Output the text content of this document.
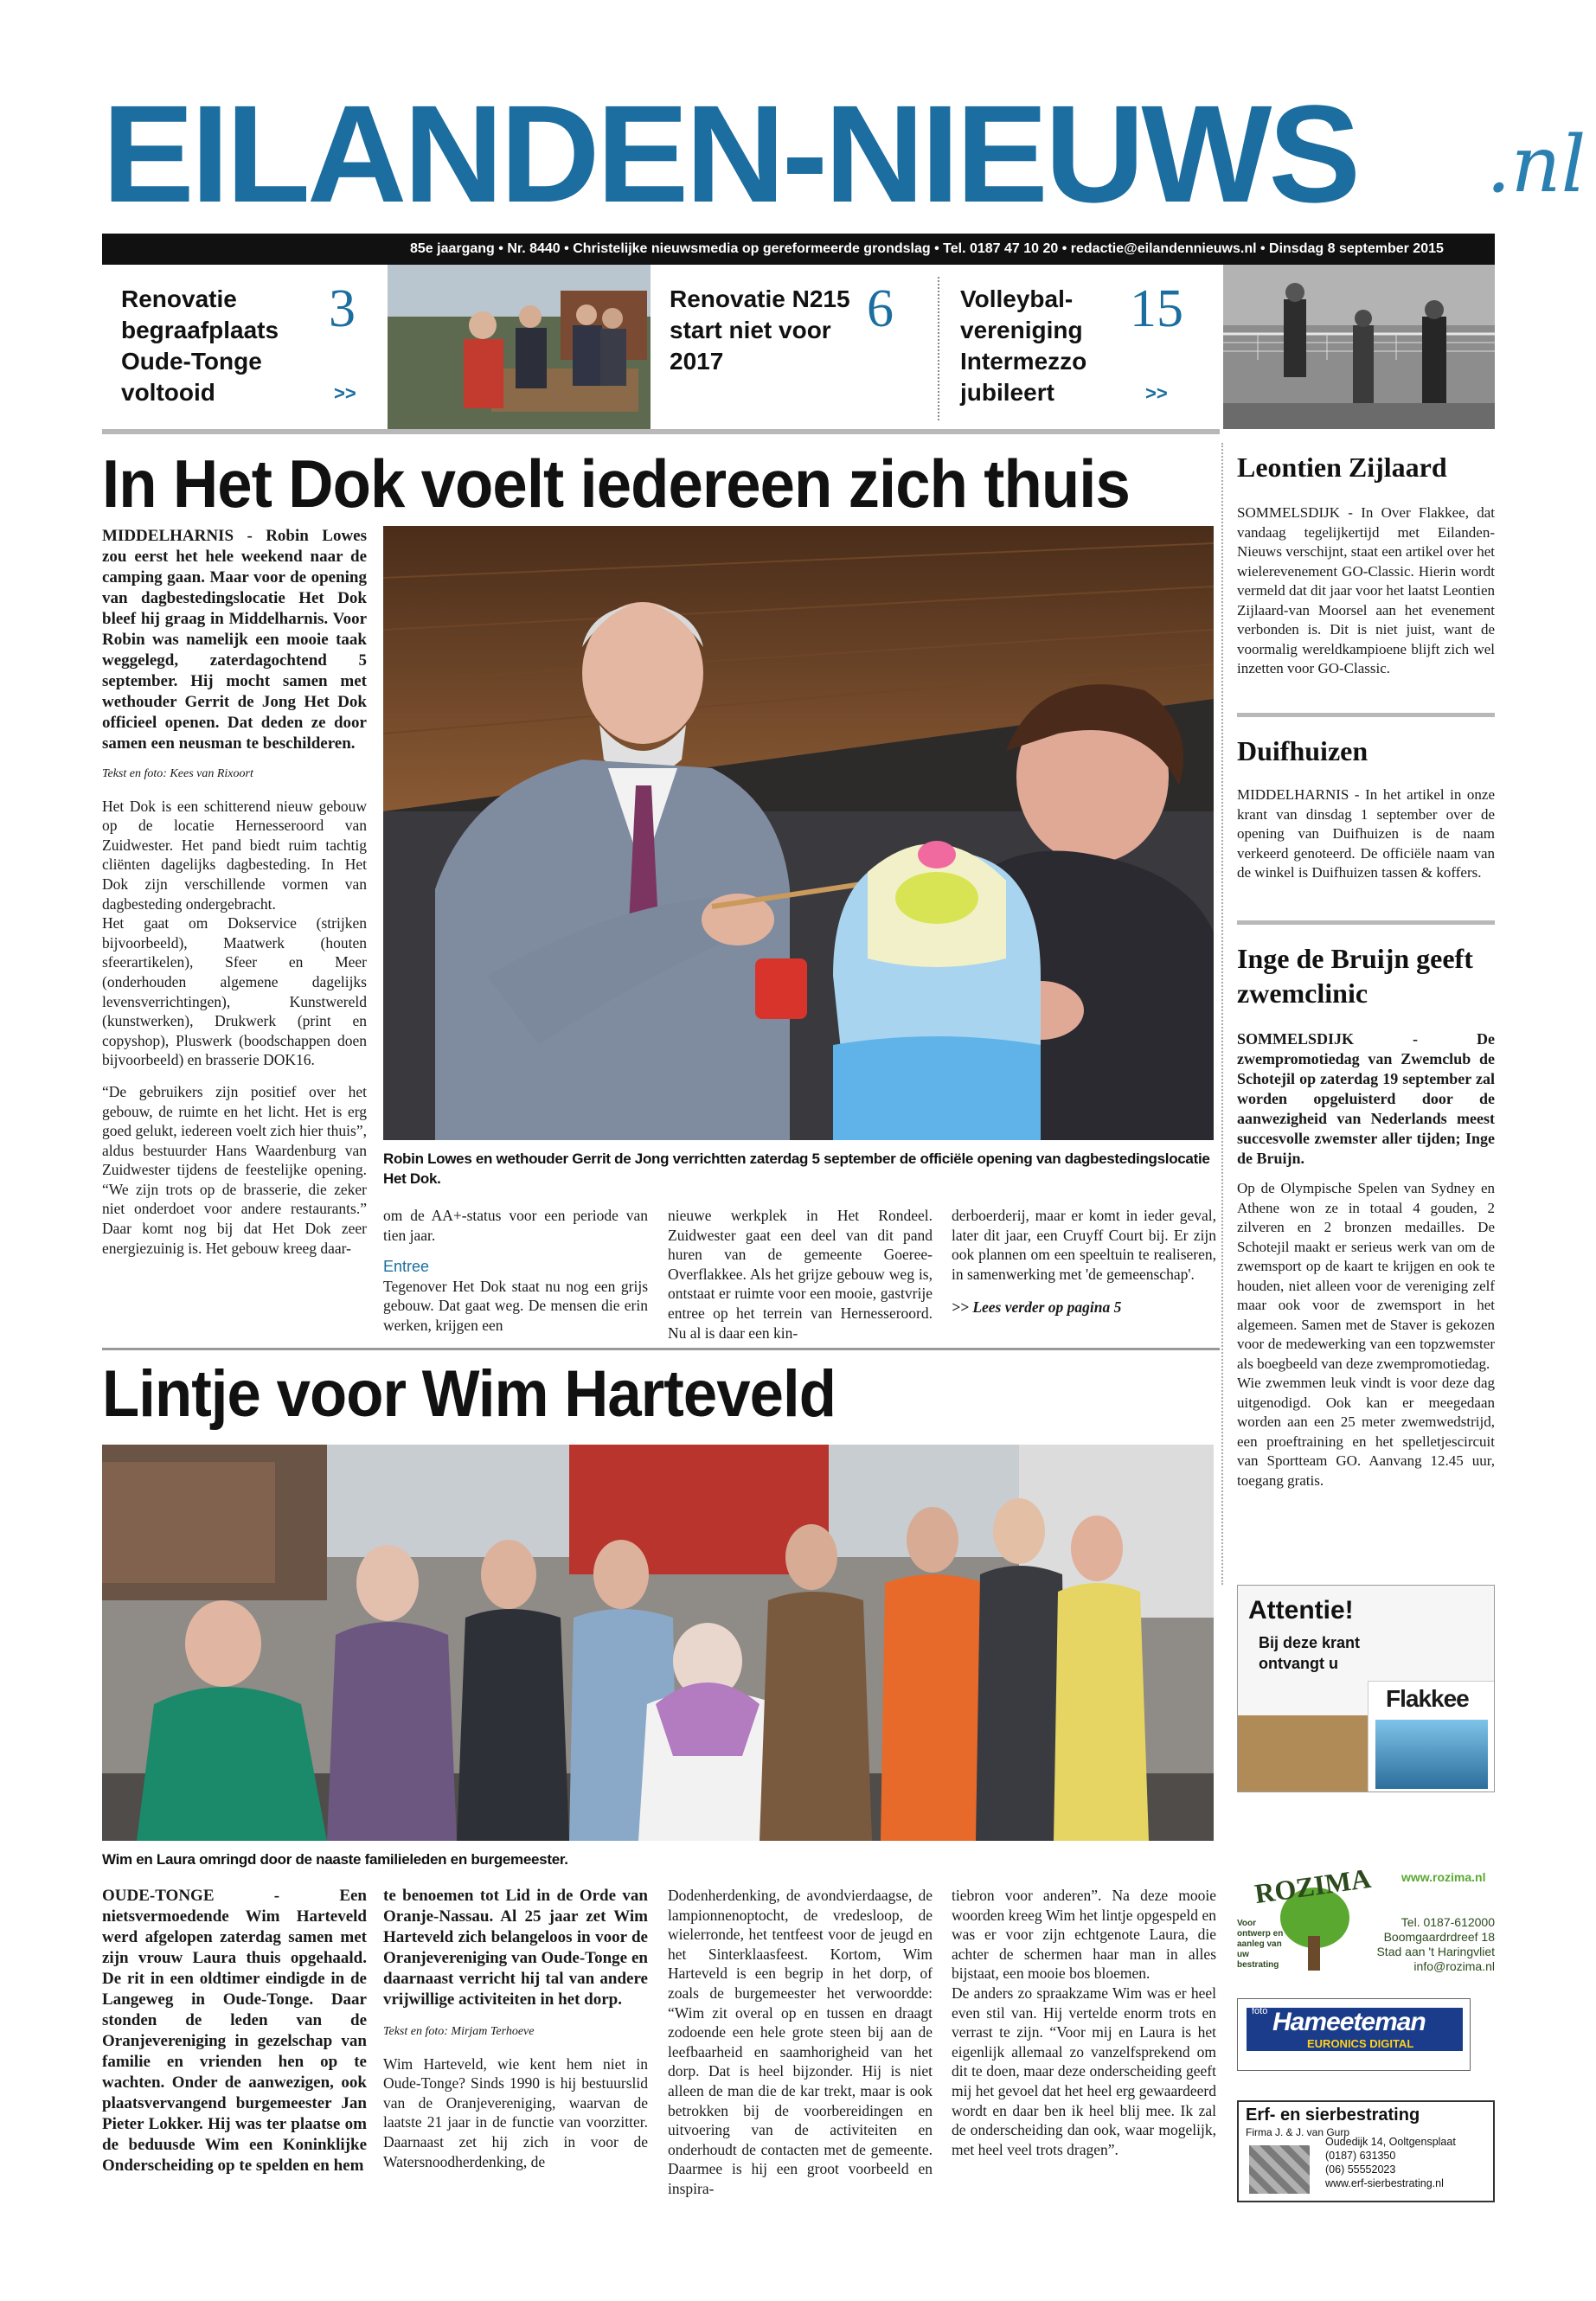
EILANDEN-NIEUWS .nl
85e jaargang • Nr. 8440 • Christelijke nieuwsmedia op gereformeerde grondslag • Tel. 0187 47 10 20 • redactie@eilandennieuws.nl • Dinsdag 8 september 2015
Renovatie begraafplaats Oude-Tonge voltooid
3
>>
Renovatie N215 start niet voor 2017
6	Volleybal-vereniging Intermezzo jubileert
15
>>
In Het Dok voelt iedereen zich thuis

MIDDELHARNIS - Robin Lowes zou eerst het hele weekend naar de camping gaan. Maar voor de opening van dagbestedingslocatie Het Dok bleef hij graag in Middelharnis. Voor Robin was namelijk een mooie taak weggelegd, zaterdagochtend 5 september. Hij mocht samen met wethouder Gerrit de Jong Het Dok officieel openen. Dat deden ze door samen een neusman te beschilderen.

Tekst en foto: Kees van Rixoort

Het Dok is een schitterend nieuw gebouw op de locatie Hernesseroord van Zuidwester. Het pand biedt ruim tachtig cliënten dagelijks dagbesteding. In Het Dok zijn verschillende vormen van dagbesteding ondergebracht.

Het gaat om Dokservice (strijken bijvoorbeeld), Maatwerk (houten sfeerartikelen), Sfeer en Meer (onderhouden algemene dagelijks levensverrichtingen), Kunstwereld (kunstwerken), Drukwerk (print en copyshop), Pluswerk (boodschappen doen bijvoorbeeld) en brasserie DOK16.

“De gebruikers zijn positief over het gebouw, de ruimte en het licht. Het is erg goed gelukt, iedereen voelt zich hier thuis”, aldus bestuurder Hans Waardenburg van Zuidwester tijdens de feestelijke opening. “We zijn trots op de brasserie, die zeker niet onderdoet voor andere restaurants.” Daar komt nog bij dat Het Dok zeer energiezuinig is. Het gebouw kreeg daar-

Robin Lowes en wethouder Gerrit de Jong verrichtten zaterdag 5 september de officiële opening van dagbestedingslocatie Het Dok.

om de AA+-status voor een periode van tien jaar.

Entree

Tegenover Het Dok staat nu nog een grijs gebouw. Dat gaat weg. De mensen die erin werken, krijgen een

nieuwe werkplek in Het Rondeel. Zuidwester gaat een deel van dit pand huren van de gemeente Goeree-Overflakkee. Als het grijze gebouw weg is, ontstaat er ruimte voor een mooie, gastvrije entree op het terrein van Hernesseroord. Nu al is daar een kin-

derboerderij, maar er komt in ieder geval, later dit jaar, een Cruyff Court bij. Er zijn ook plannen om een speeltuin te realiseren, in samenwerking met 'de gemeenschap'.

>> Lees verder op pagina 5

Lintje voor Wim Harteveld
Wim en Laura omringd door de naaste familieleden en burgemeester.

OUDE-TONGE - Een nietsvermoedende Wim Harteveld werd afgelopen zaterdag samen met zijn vrouw Laura thuis opgehaald. De rit in een oldtimer eindigde in de Langeweg in Oude-Tonge. Daar stonden de leden van de Oranjevereniging in gezelschap van familie en vrienden hen op te wachten. Onder de aanwezigen, ook plaatsvervangend burgemeester Jan Pieter Lokker. Hij was ter plaatse om de beduusde Wim een Koninklijke Onderscheiding op te spelden en hem

te benoemen tot Lid in de Orde van Oranje-Nassau. Al 25 jaar zet Wim Harteveld zich belangeloos in voor de Oranjevereniging van Oude-Tonge en daarnaast verricht hij tal van andere vrijwillige activiteiten in het dorp.

Tekst en foto: Mirjam Terhoeve

Wim Harteveld, wie kent hem niet in Oude-Tonge? Sinds 1990 is hij bestuurslid van de Oranjevereniging, waarvan de laatste 21 jaar in de functie van voorzitter. Daarnaast zet hij zich in voor de Watersnoodherdenking, de

Dodenherdenking, de avondvierdaagse, de lampionnenoptocht, de vredesloop, de wielerronde, het tentfeest voor de jeugd en het Sinterklaasfeest. Kortom, Wim Harteveld is een begrip in het dorp, of zoals de burgemeester het verwoordde: “Wim zit overal op en tussen en draagt zodoende een hele grote steen bij aan de leefbaarheid en saamhorigheid van het dorp. Dat is heel bijzonder. Hij is niet alleen de man die de kar trekt, maar is ook betrokken bij de voorbereidingen en uitvoering van de activiteiten en onderhoudt de contacten met de gemeente. Daarmee is hij een groot voorbeeld en inspira-
tiebron voor anderen”. Na deze mooie woorden kreeg Wim het lintje opgespeld en was er voor zijn echtgenote Laura, die achter de schermen haar man in alles bijstaat, een mooie bos bloemen.
De anders zo spraakzame Wim was er heel even stil van. Hij vertelde enorm trots en verrast te zijn. “Voor mij en Laura is het eigenlijk allemaal zo vanzelfsprekend om dit te doen, maar deze onderscheiding geeft mij het gevoel dat het heel erg gewaardeerd wordt en daar ben ik heel blij mee. Ik zal de onderscheiding dan ook, waar mogelijk, met heel veel trots dragen”.
Leontien Zijlaard
SOMMELSDIJK - In Over Flakkee, dat vandaag tegelijkertijd met Eilanden-Nieuws verschijnt, staat een artikel over het wielerevenement GO-Classic. Hierin wordt vermeld dat dit jaar voor het laatst Leontien Zijlaard-van Moorsel aan het evenement verbonden is. Dit is niet juist, want de voormalig wereldkampioene blijft zich wel inzetten voor GO-Classic.
Duifhuizen
MIDDELHARNIS - In het artikel in onze krant van dinsdag 1 september over de opening van Duifhuizen is de naam verkeerd genoteerd. De officiële naam van de winkel is Duifhuizen tassen & koffers.
Inge de Bruijn geeft zwemclinic

SOMMELSDIJK - De zwempromotiedag van Zwemclub de Schotejil op zaterdag 19 september zal worden opgeluisterd door de aanwezigheid van Nederlands meest succesvolle zwemster aller tijden; Inge de Bruijn.

Op de Olympische Spelen van Sydney en Athene won ze in totaal 4 gouden, 2 zilveren en 2 bronzen medailles. De Schotejil maakt er serieus werk van om de zwemsport op de kaart te krijgen en ook te houden, niet alleen voor de vereniging zelf maar ook voor de zwemsport in het algemeen. Samen met de Staver is gekozen voor de medewerking van een topzwemster als boegbeeld van deze zwempromotiedag.
Wie zwemmen leuk vindt is voor deze dag uitgenodigd. Ook kan er meegedaan worden aan een 25 meter zwemwedstrijd, een proeftraining en het spelletjescircuit van Sportteam GO. Aanvang 12.45 uur, toegang gratis.

Attentie!
Bij deze krant ontvangt u
Flakkee
ROZIMA www.rozima.nl
Voor ontwerp en aanleg van uw bestrating
Tel. 0187-612000
Boomgaardrdreef 18
Stad aan 't Haringvliet
info@rozima.nl
foto Hameeteman
EURONICS DIGITAL
Erf- en sierbestrating
Firma J. & J. van Gurp
Oudedijk 14, Ooltgensplaat
(0187) 631350
(06) 55552023
www.erf-sierbestrating.nl
